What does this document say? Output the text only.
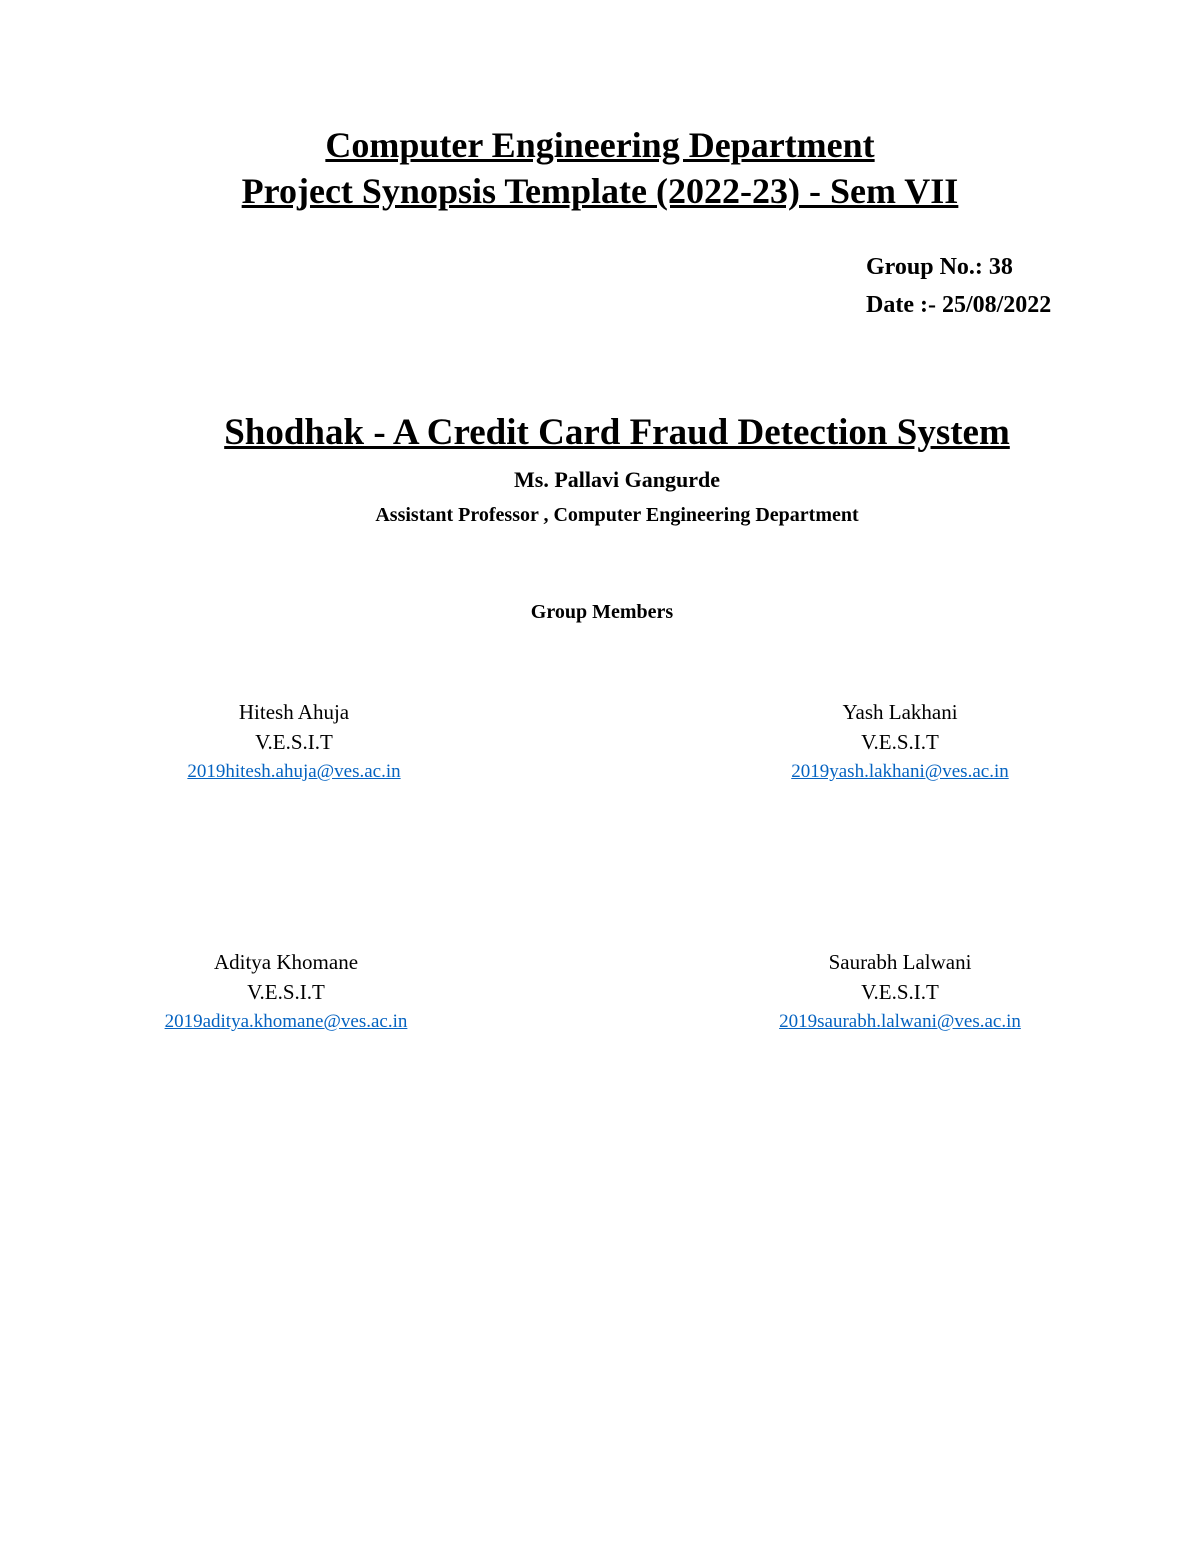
Computer Engineering Department
Project Synopsis Template (2022-23) - Sem VII
Group No.: 38
Date :- 25/08/2022
Shodhak - A Credit Card Fraud Detection System
Ms. Pallavi Gangurde
Assistant Professor , Computer Engineering Department
Group Members
Hitesh Ahuja
V.E.S.I.T
2019hitesh.ahuja@ves.ac.in
Yash Lakhani
V.E.S.I.T
2019yash.lakhani@ves.ac.in
Aditya Khomane
V.E.S.I.T
2019aditya.khomane@ves.ac.in
Saurabh Lalwani
V.E.S.I.T
2019saurabh.lalwani@ves.ac.in
